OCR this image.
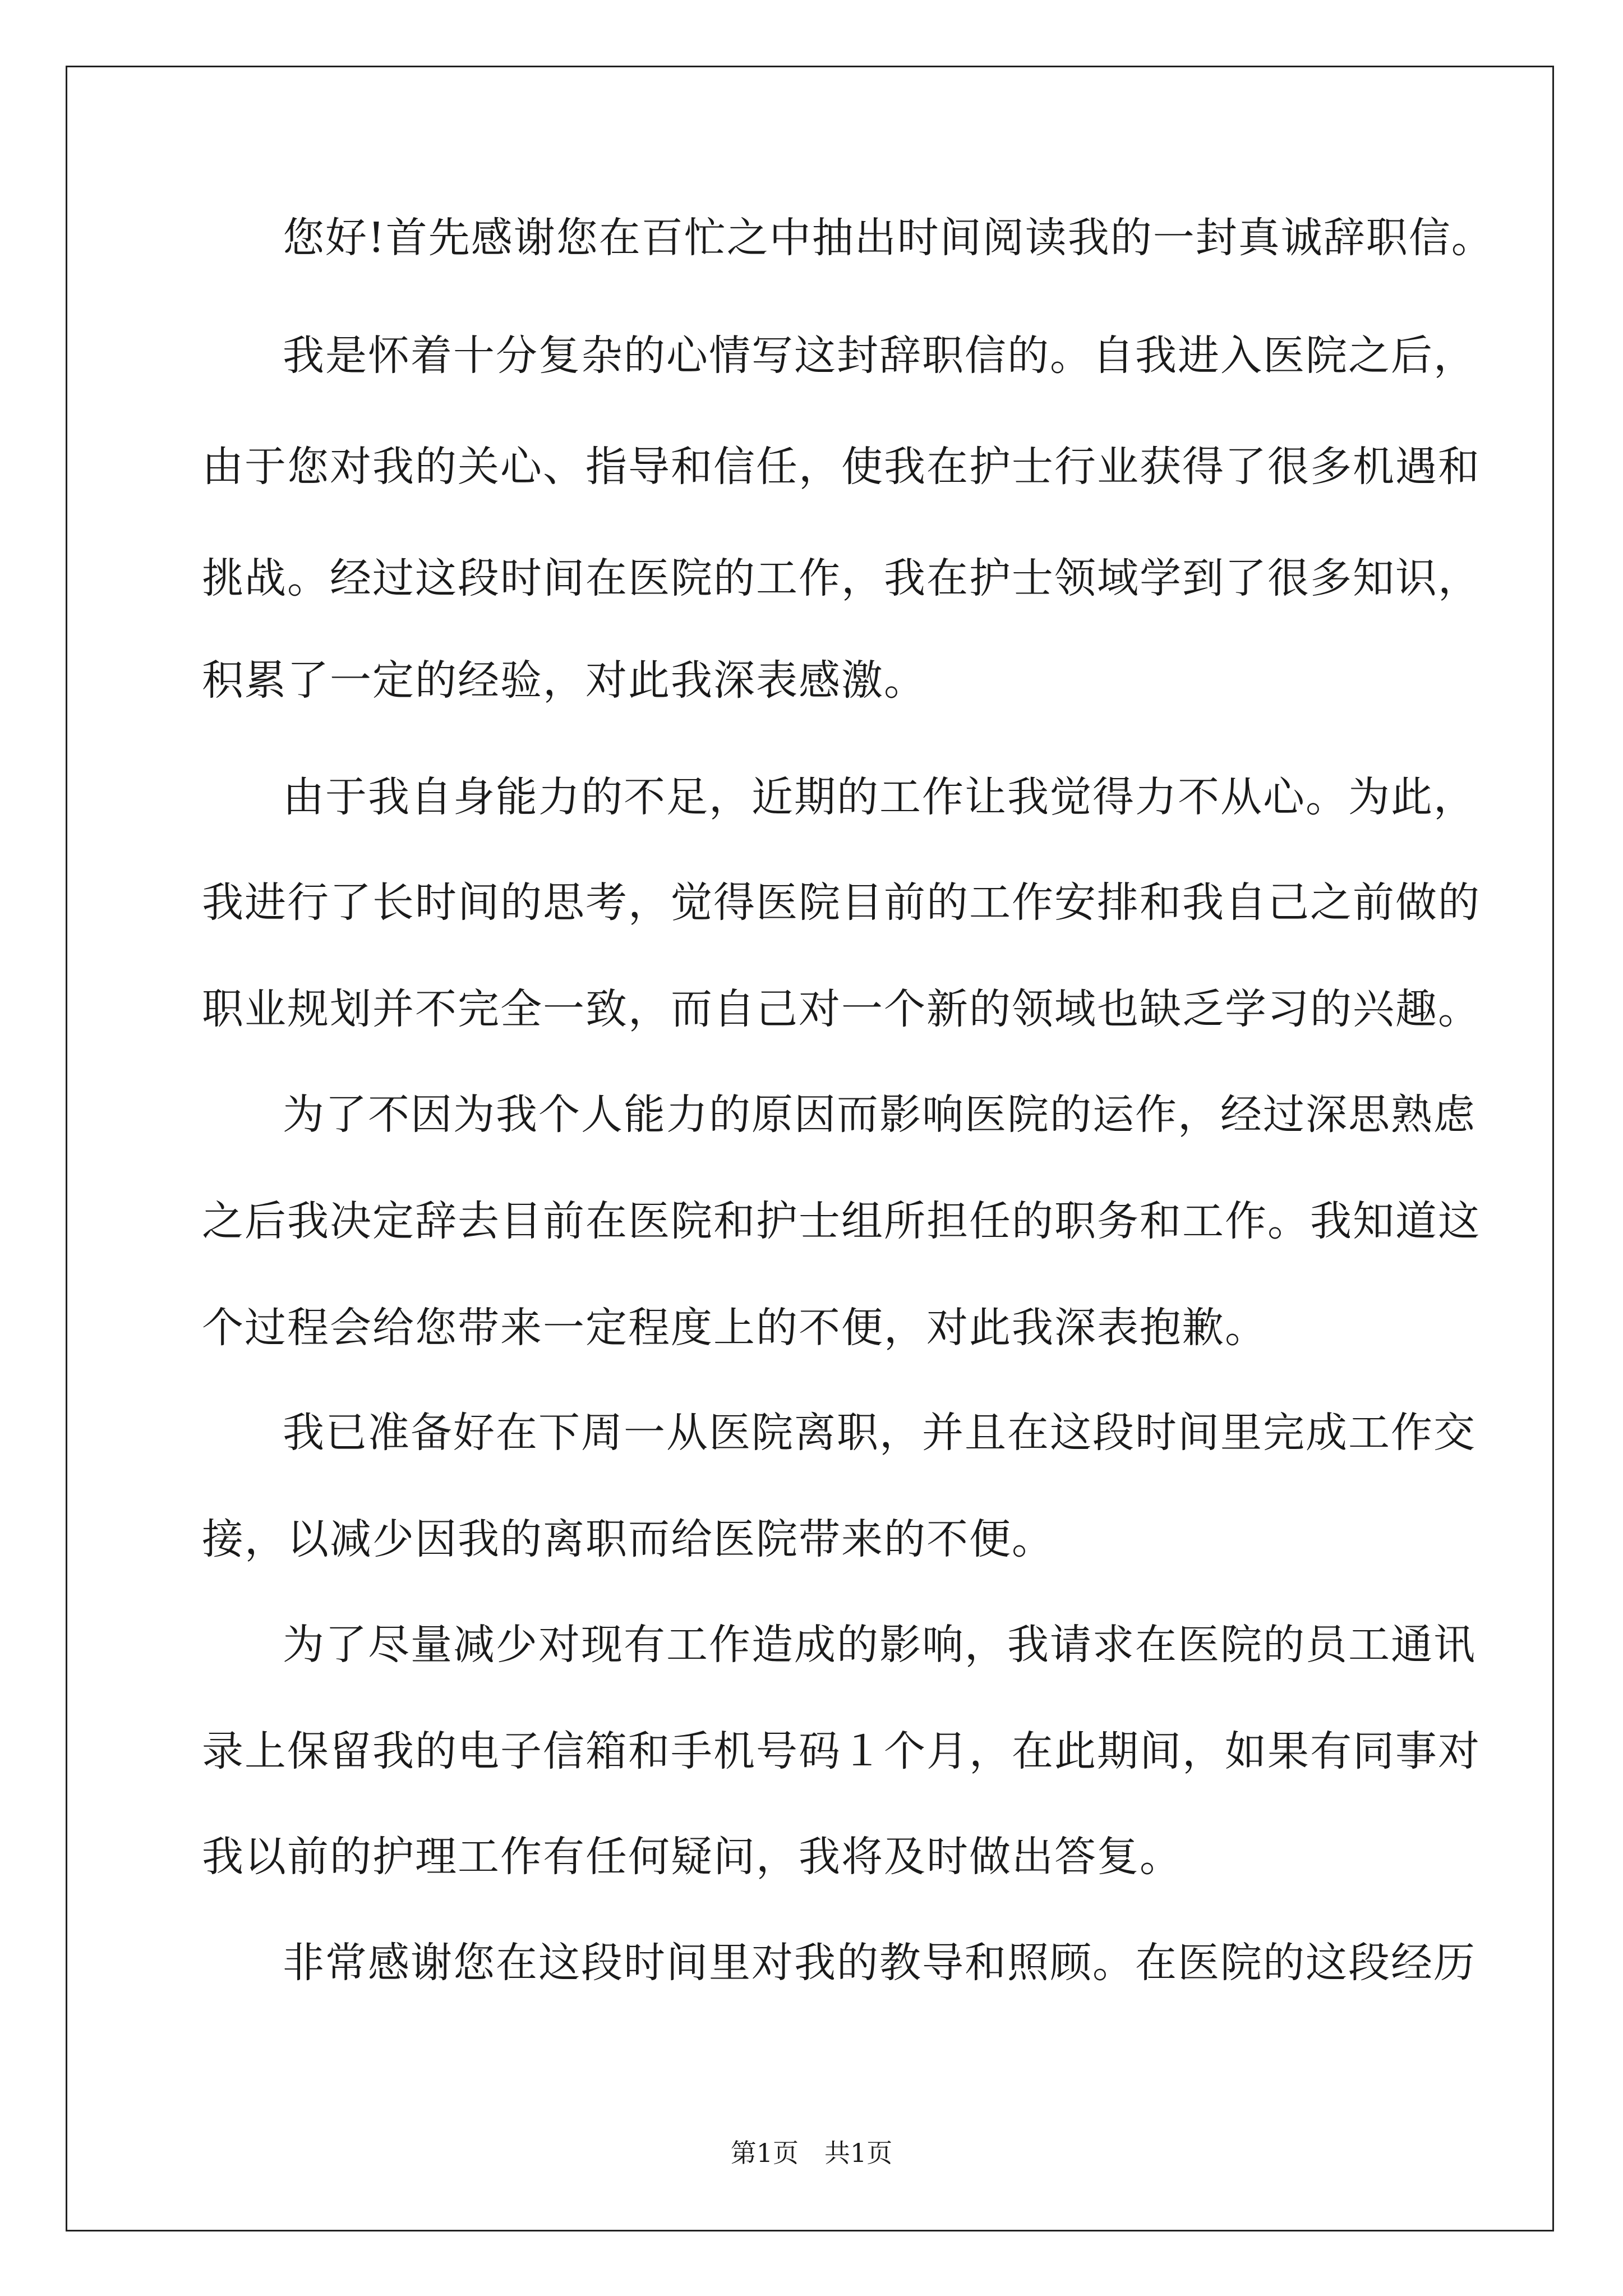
您好!首先感谢您在百忙之中抽出时间阅读我的一封真诚辞职信。
我是怀着十分复杂的心情写这封辞职信的。自我进入医院之后，
由于您对我的关心、指导和信任，使我在护士行业获得了很多机遇和
挑战。经过这段时间在医院的工作，我在护士领域学到了很多知识，
积累了一定的经验，对此我深表感激。
由于我自身能力的不足，近期的工作让我觉得力不从心。为此，
我进行了长时间的思考，觉得医院目前的工作安排和我自己之前做的
职业规划并不完全一致，而自己对一个新的领域也缺乏学习的兴趣。
为了不因为我个人能力的原因而影响医院的运作，经过深思熟虑
之后我决定辞去目前在医院和护士组所担任的职务和工作。我知道这
个过程会给您带来一定程度上的不便，对此我深表抱歉。
我已准备好在下周一从医院离职，并且在这段时间里完成工作交
接，以减少因我的离职而给医院带来的不便。
为了尽量减少对现有工作造成的影响，我请求在医院的员工通讯
录上保留我的电子信箱和手机号码１个月，在此期间，如果有同事对
我以前的护理工作有任何疑问，我将及时做出答复。
非常感谢您在这段时间里对我的教导和照顾。在医院的这段经历
第1页　共1页
